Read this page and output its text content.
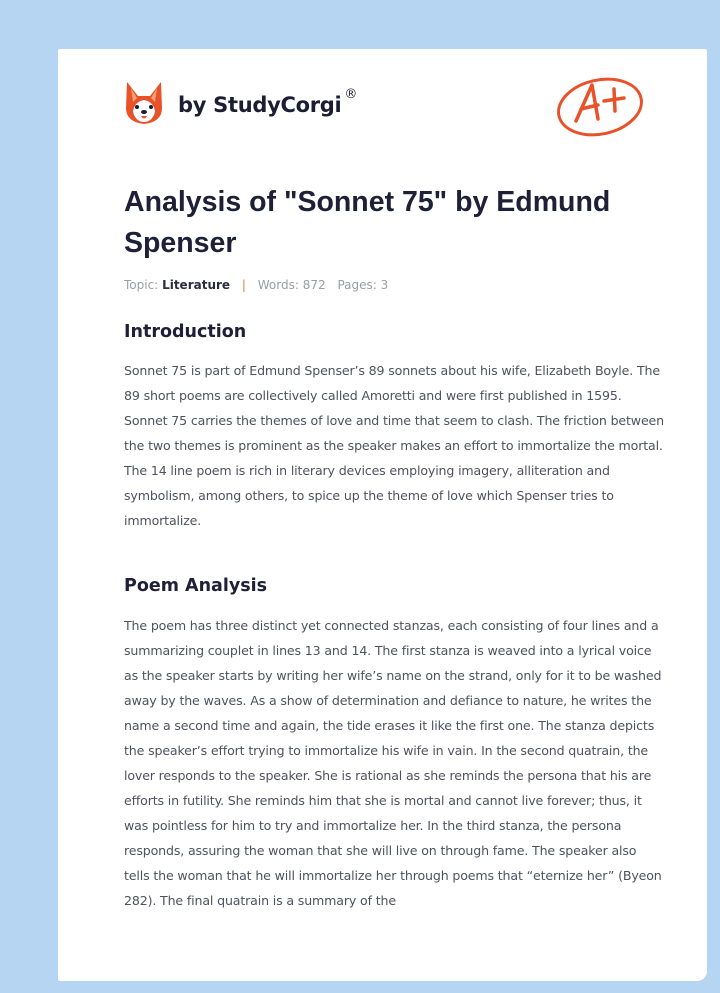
by StudyCorgi ®
Analysis of "Sonnet 75" by Edmund Spenser
Topic: Literature | Words: 872 Pages: 3
Introduction

Sonnet 75 is part of Edmund Spenser’s 89 sonnets about his wife, Elizabeth Boyle. The 89 short poems are collectively called Amoretti and were first published in 1595. Sonnet 75 carries the themes of love and time that seem to clash. The friction between the two themes is prominent as the speaker makes an effort to immortalize the mortal. The 14 line poem is rich in literary devices employing imagery, alliteration and symbolism, among others, to spice up the theme of love which Spenser tries to immortalize.

Poem Analysis

The poem has three distinct yet connected stanzas, each consisting of four lines and a summarizing couplet in lines 13 and 14. The first stanza is weaved into a lyrical voice as the speaker starts by writing her wife’s name on the strand, only for it to be washed away by the waves. As a show of determination and defiance to nature, he writes the name a second time and again, the tide erases it like the first one. The stanza depicts the speaker’s effort trying to immortalize his wife in vain. In the second quatrain, the lover responds to the speaker. She is rational as she reminds the persona that his are efforts in futility. She reminds him that she is mortal and cannot live forever; thus, it was pointless for him to try and immortalize her. In the third stanza, the persona responds, assuring the woman that she will live on through fame. The speaker also tells the woman that he will immortalize her through poems that “eternize her” (Byeon 282). The final quatrain is a summary of the
